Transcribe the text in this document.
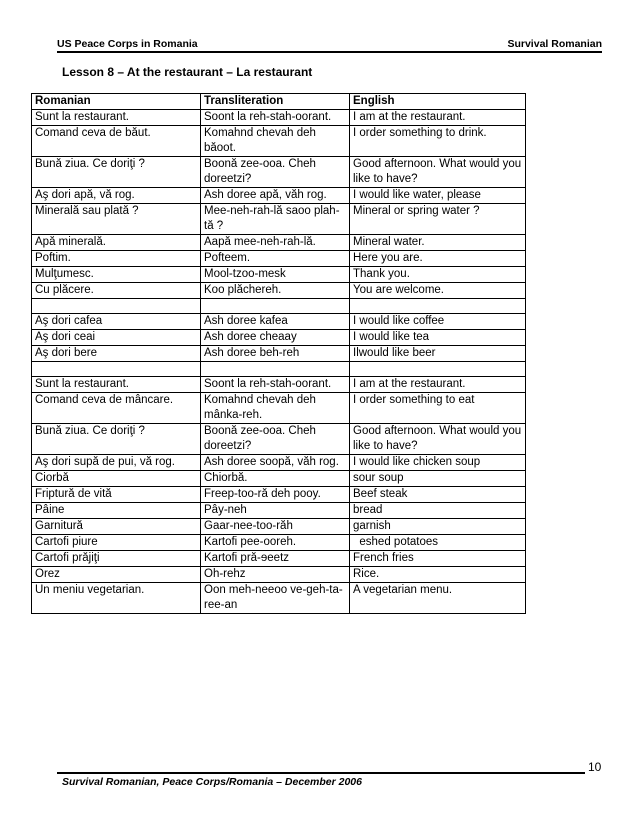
US Peace Corps in Romania	Survival Romanian
Lesson 8 – At the restaurant – La restaurant
Romanian	Transliteration	English
Sunt la restaurant.	Soont la reh-stah-oorant.	I am at the restaurant.
Comand ceva de băut.	Komahnd chevah deh băoot.	I order something to drink.
Bună ziua. Ce doriţi ?	Boonă zee-ooa. Cheh doreetzi?	Good afternoon. What would you like to have?
Aş dori apă, vă rog.	Ash doree apă, văh rog.	I would like water, please
Minerală sau plată ?	Mee-neh-rah-lă saoo plah-tă ?	Mineral or spring water ?
Apă minerală.	Aapă mee-neh-rah-lă.	Mineral water.
Poftim.	Pofteem.	Here you are.
Mulţumesc.	Mool-tzoo-mesk	Thank you.
Cu plăcere.	Koo plăchereh.	You are welcome.

Aş dori cafea	Ash doree kafea	I would like coffee
Aş dori ceai	Ash doree cheaay	I would like tea
Aş dori bere	Ash doree beh-reh	Ilwould like beer

Sunt la restaurant.	Soont la reh-stah-oorant.	I am at the restaurant.
Comand ceva de mâncare.	Komahnd chevah deh mânka-reh.	I order something to eat
Bună ziua. Ce doriţi ?	Boonă zee-ooa. Cheh doreetzi?	Good afternoon. What would you like to have?
Aş dori supă de pui, vă rog.	Ash doree soopă, văh rog.	I would like chicken soup
Ciorbă	Chiorbă.	sour soup
Friptură de vită	Freep-too-ră deh pooy.	Beef steak
Pâine	Pây-neh	bread
Garnitură	Gaar-nee-too-răh	garnish
Cartofi piure	Kartofi pee-ooreh.	eshed potatoes
Cartofi prăjiţi	Kartofi pră-ɘeetz	French fries
Orez	Oh-rehz	Rice.
Un meniu vegetarian.	Oon meh-neeoo ve-geh-ta-ree-an	A vegetarian menu.
10
Survival Romanian, Peace Corps/Romania – December 2006
